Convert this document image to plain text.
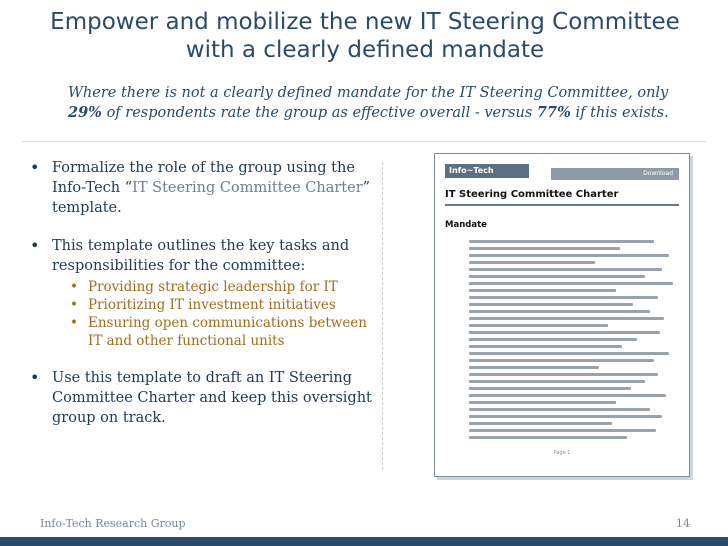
Empower and mobilize the new IT Steering Committee
with a clearly defined mandate
Where there is not a clearly defined mandate for the IT Steering Committee, only 29% of respondents rate the group as effective overall - versus 77% if this exists.
• Formalize the role of the group using the Info-Tech “IT Steering Committee Charter” template.
• This template outlines the key tasks and responsibilities for the committee:
• Providing strategic leadership for IT
• Prioritizing IT investment initiatives
• Ensuring open communications between IT and other functional units
• Use this template to draft an IT Steering Committee Charter and keep this oversight group on track.
Info~Tech	Download
IT Steering Committee Charter
Mandate
Page 1
Info-Tech Research Group	14
